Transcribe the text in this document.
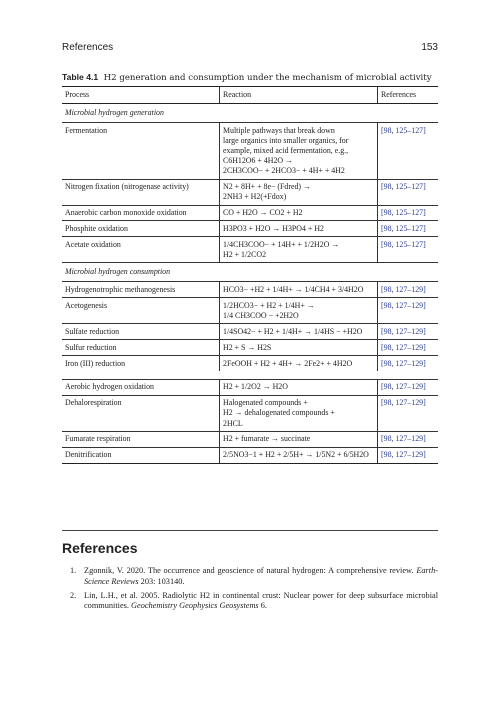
References	153
Table 4.1 H2 generation and consumption under the mechanism of microbial activity
Process	Reaction	References
Microbial hydrogen generation		
Fermentation	Multiple pathways that break down
large organics into smaller organics, for
example, mixed acid fermentation, e.g.,
C6H12O6 + 4H2O →
2CH3COO− + 2HCO3− + 4H+ + 4H2	[98, 125–127]
Nitrogen fixation (nitrogenase activity)	N2 + 8H+ + 8e− (Fdred) →
2NH3 + H2(+Fdox)	[98, 125–127]
Anaerobic carbon monoxide oxidation	CO + H2O → CO2 + H2	[98, 125–127]
Phosphite oxidation	H3PO3 + H2O → H3PO4 + H2	[98, 125–127]
Acetate oxidation	1/4CH3COO− + 14H+ + 1/2H2O →
H2 + 1/2CO2	[98, 125–127]
Microbial hydrogen consumption		
Hydrogenotrophic methanogenesis	HCO3− +H2 + 1/4H+ → 1/4CH4 + 3/4H2O	[98, 127–129]
Acetogenesis	1/2HCO3− + H2 + 1/4H+ →
1/4 CH3COO − +2H2O	[98, 127–129]
Sulfate reduction	1/4SO42− + H2 + 1/4H+ → 1/4HS − +H2O	[98, 127–129]
Sulfur reduction	H2 + S → H2S	[98, 127–129]
Iron (III) reduction	2FeOOH + H2 + 4H+ → 2Fe2+ + 4H2O	[98, 127–129]

Aerobic hydrogen oxidation	H2 + 1/2O2 → H2O	[98, 127–129]
Dehalorespiration	Halogenated compounds +
H2 → dehalogenated compounds +
2HCL	[98, 127–129]
Fumarate respiration	H2 + fumarate → succinate	[98, 127–129]
Denitrification	2/5NO3−1 + H2 + 2/5H+ → 1/5N2 + 6/5H2O	[98, 127–129]
References
1. Zgonnik, V. 2020. The occurrence and geoscience of natural hydrogen: A comprehensive review. Earth-Science Reviews 203: 103140.
2. Lin, L.H., et al. 2005. Radiolytic H2 in continental crust: Nuclear power for deep subsurface microbial communities. Geochemistry Geophysics Geosystems 6.
